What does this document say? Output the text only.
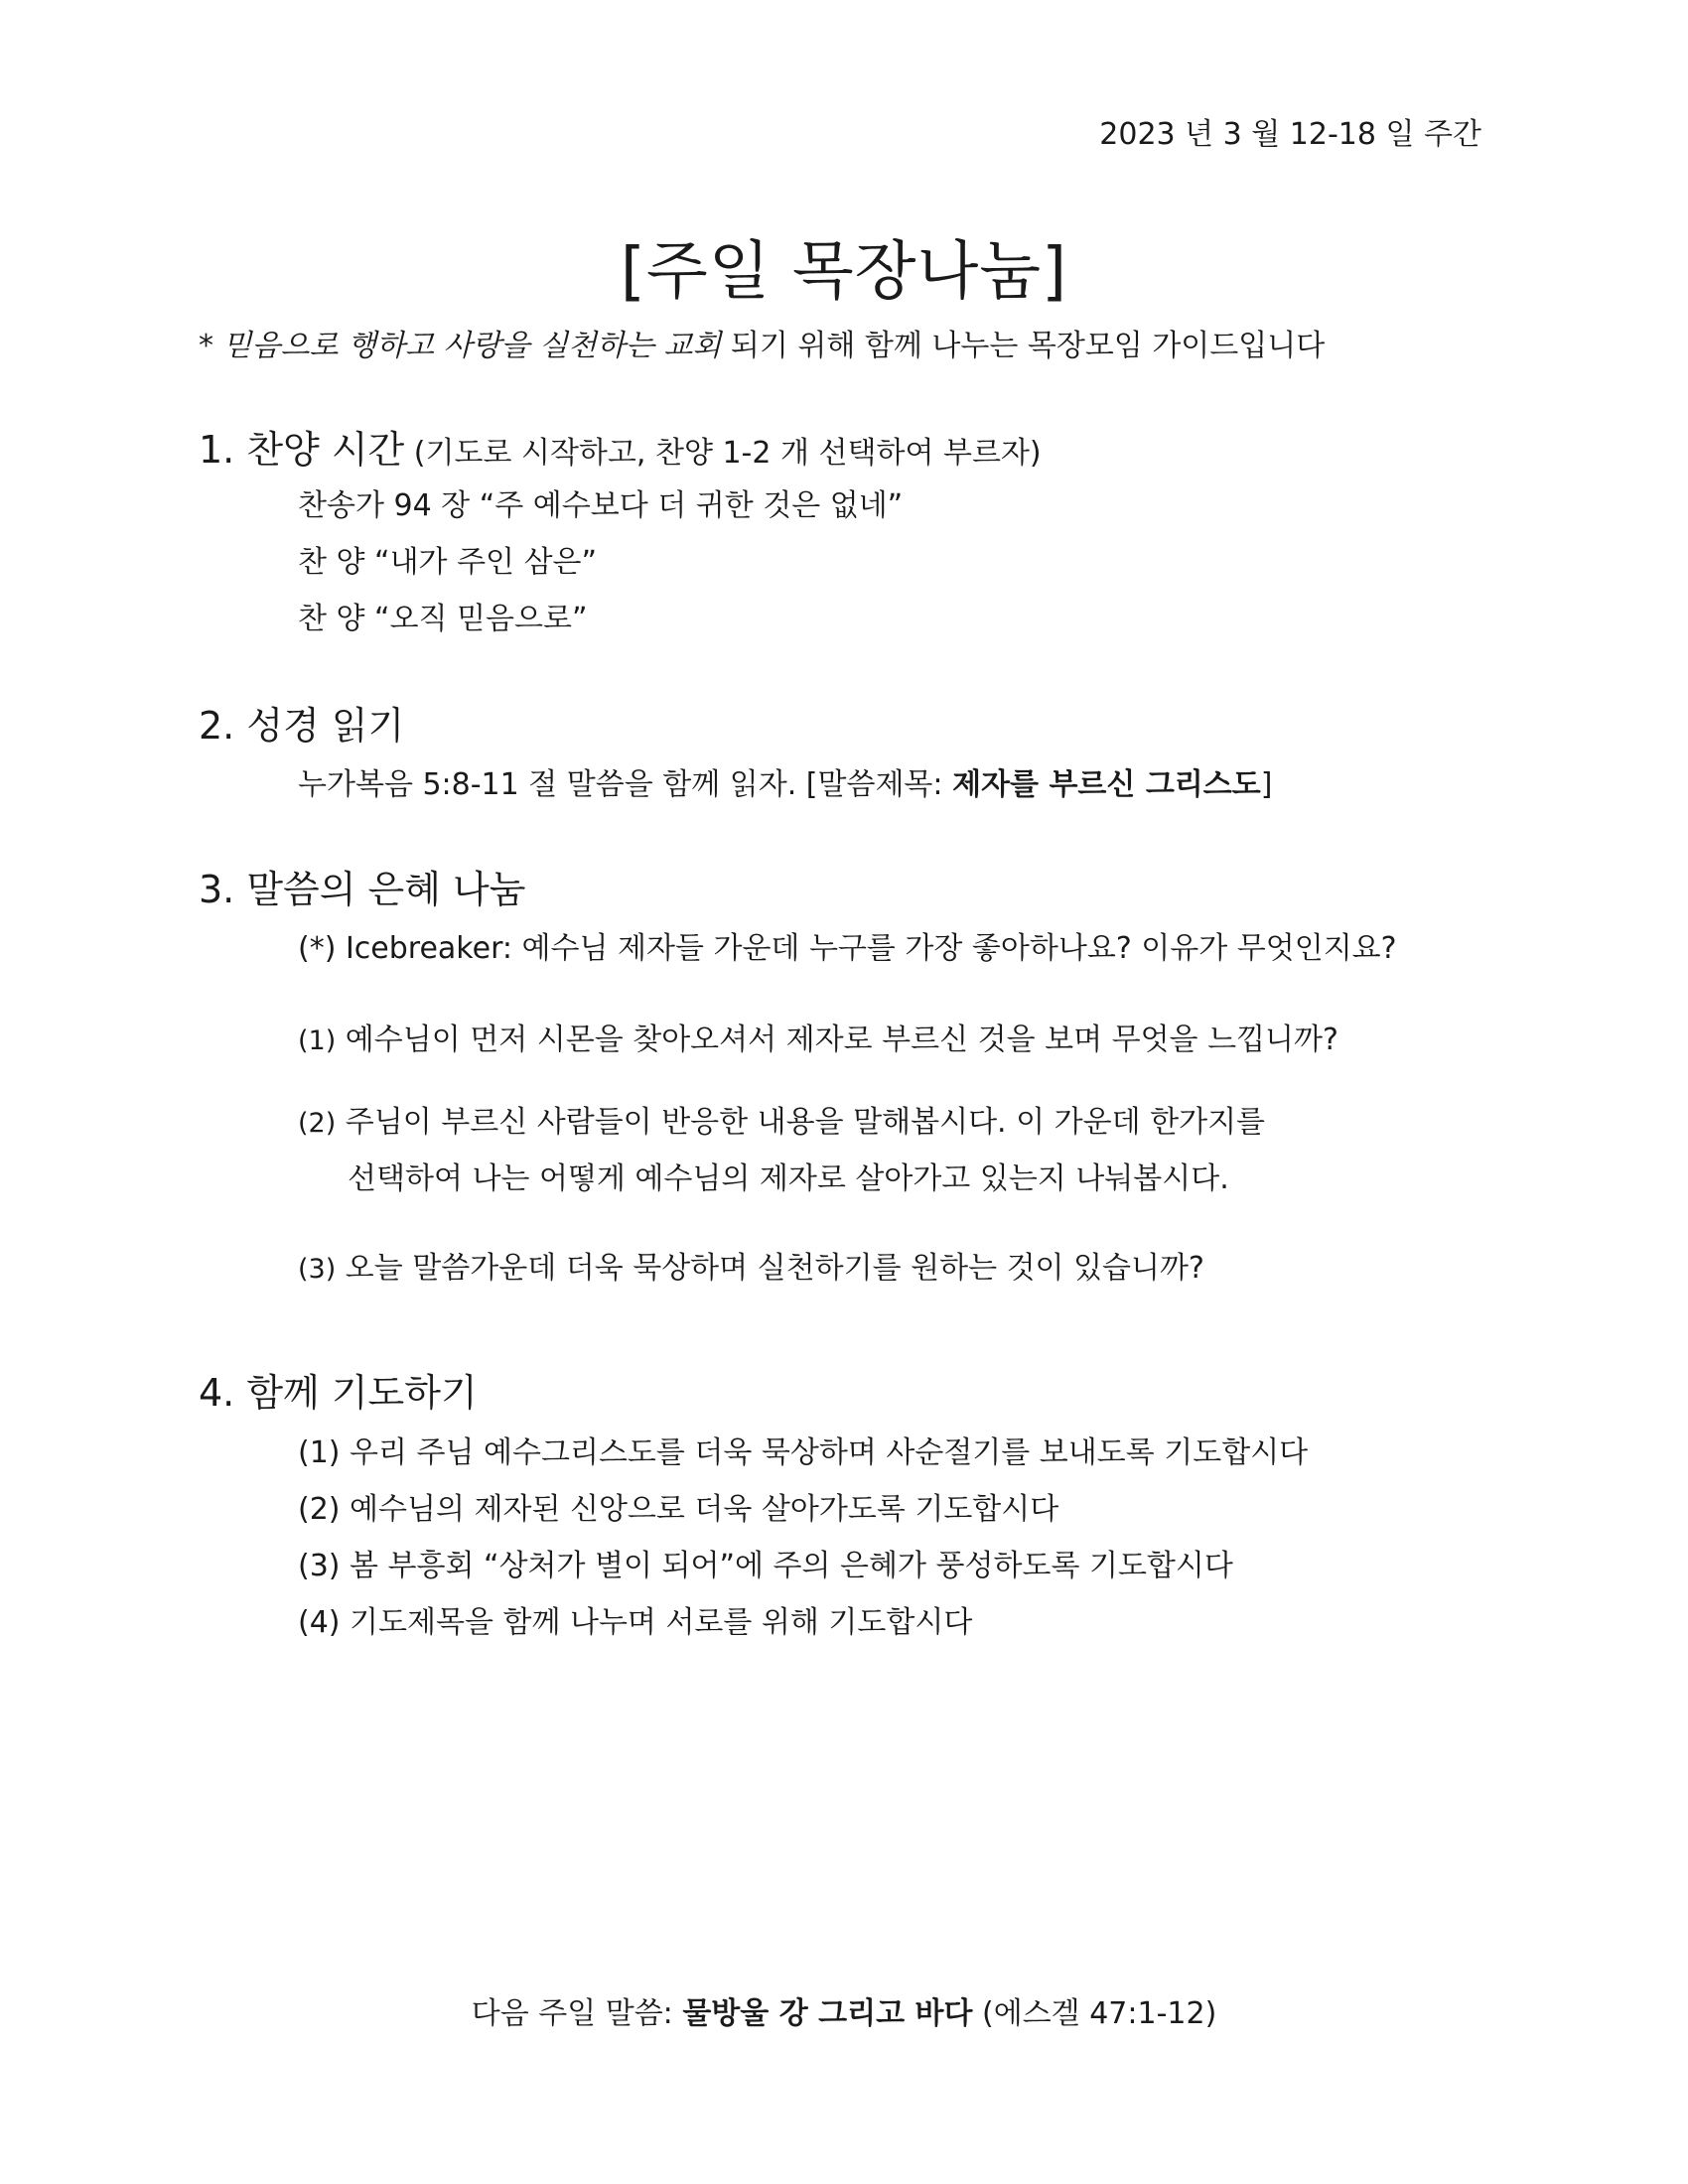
2023 년 3 월 12-18 일 주간
[주일 목장나눔]
* 믿음으로 행하고 사랑을 실천하는 교회 되기 위해 함께 나누는 목장모임 가이드입니다
1. 찬양 시간 (기도로 시작하고, 찬양 1-2 개 선택하여 부르자)
찬송가 94 장 “주 예수보다 더 귀한 것은 없네”
찬 양 “내가 주인 삼은”
찬 양 “오직 믿음으로”
2. 성경 읽기
누가복음 5:8-11 절 말씀을 함께 읽자. [말씀제목: 제자를 부르신 그리스도]
3. 말씀의 은혜 나눔
(*) Icebreaker: 예수님 제자들 가운데 누구를 가장 좋아하나요? 이유가 무엇인지요?
(1) 예수님이 먼저 시몬을 찾아오셔서 제자로 부르신 것을 보며 무엇을 느낍니까?
(2) 주님이 부르신 사람들이 반응한 내용을 말해봅시다. 이 가운데 한가지를
선택하여 나는 어떻게 예수님의 제자로 살아가고 있는지 나눠봅시다.
(3) 오늘 말씀가운데 더욱 묵상하며 실천하기를 원하는 것이 있습니까?
4. 함께 기도하기
(1) 우리 주님 예수그리스도를 더욱 묵상하며 사순절기를 보내도록 기도합시다
(2) 예수님의 제자된 신앙으로 더욱 살아가도록 기도합시다
(3) 봄 부흥회 “상처가 별이 되어”에 주의 은혜가 풍성하도록 기도합시다
(4) 기도제목을 함께 나누며 서로를 위해 기도합시다
다음 주일 말씀: 물방울 강 그리고 바다 (에스겔 47:1-12)
